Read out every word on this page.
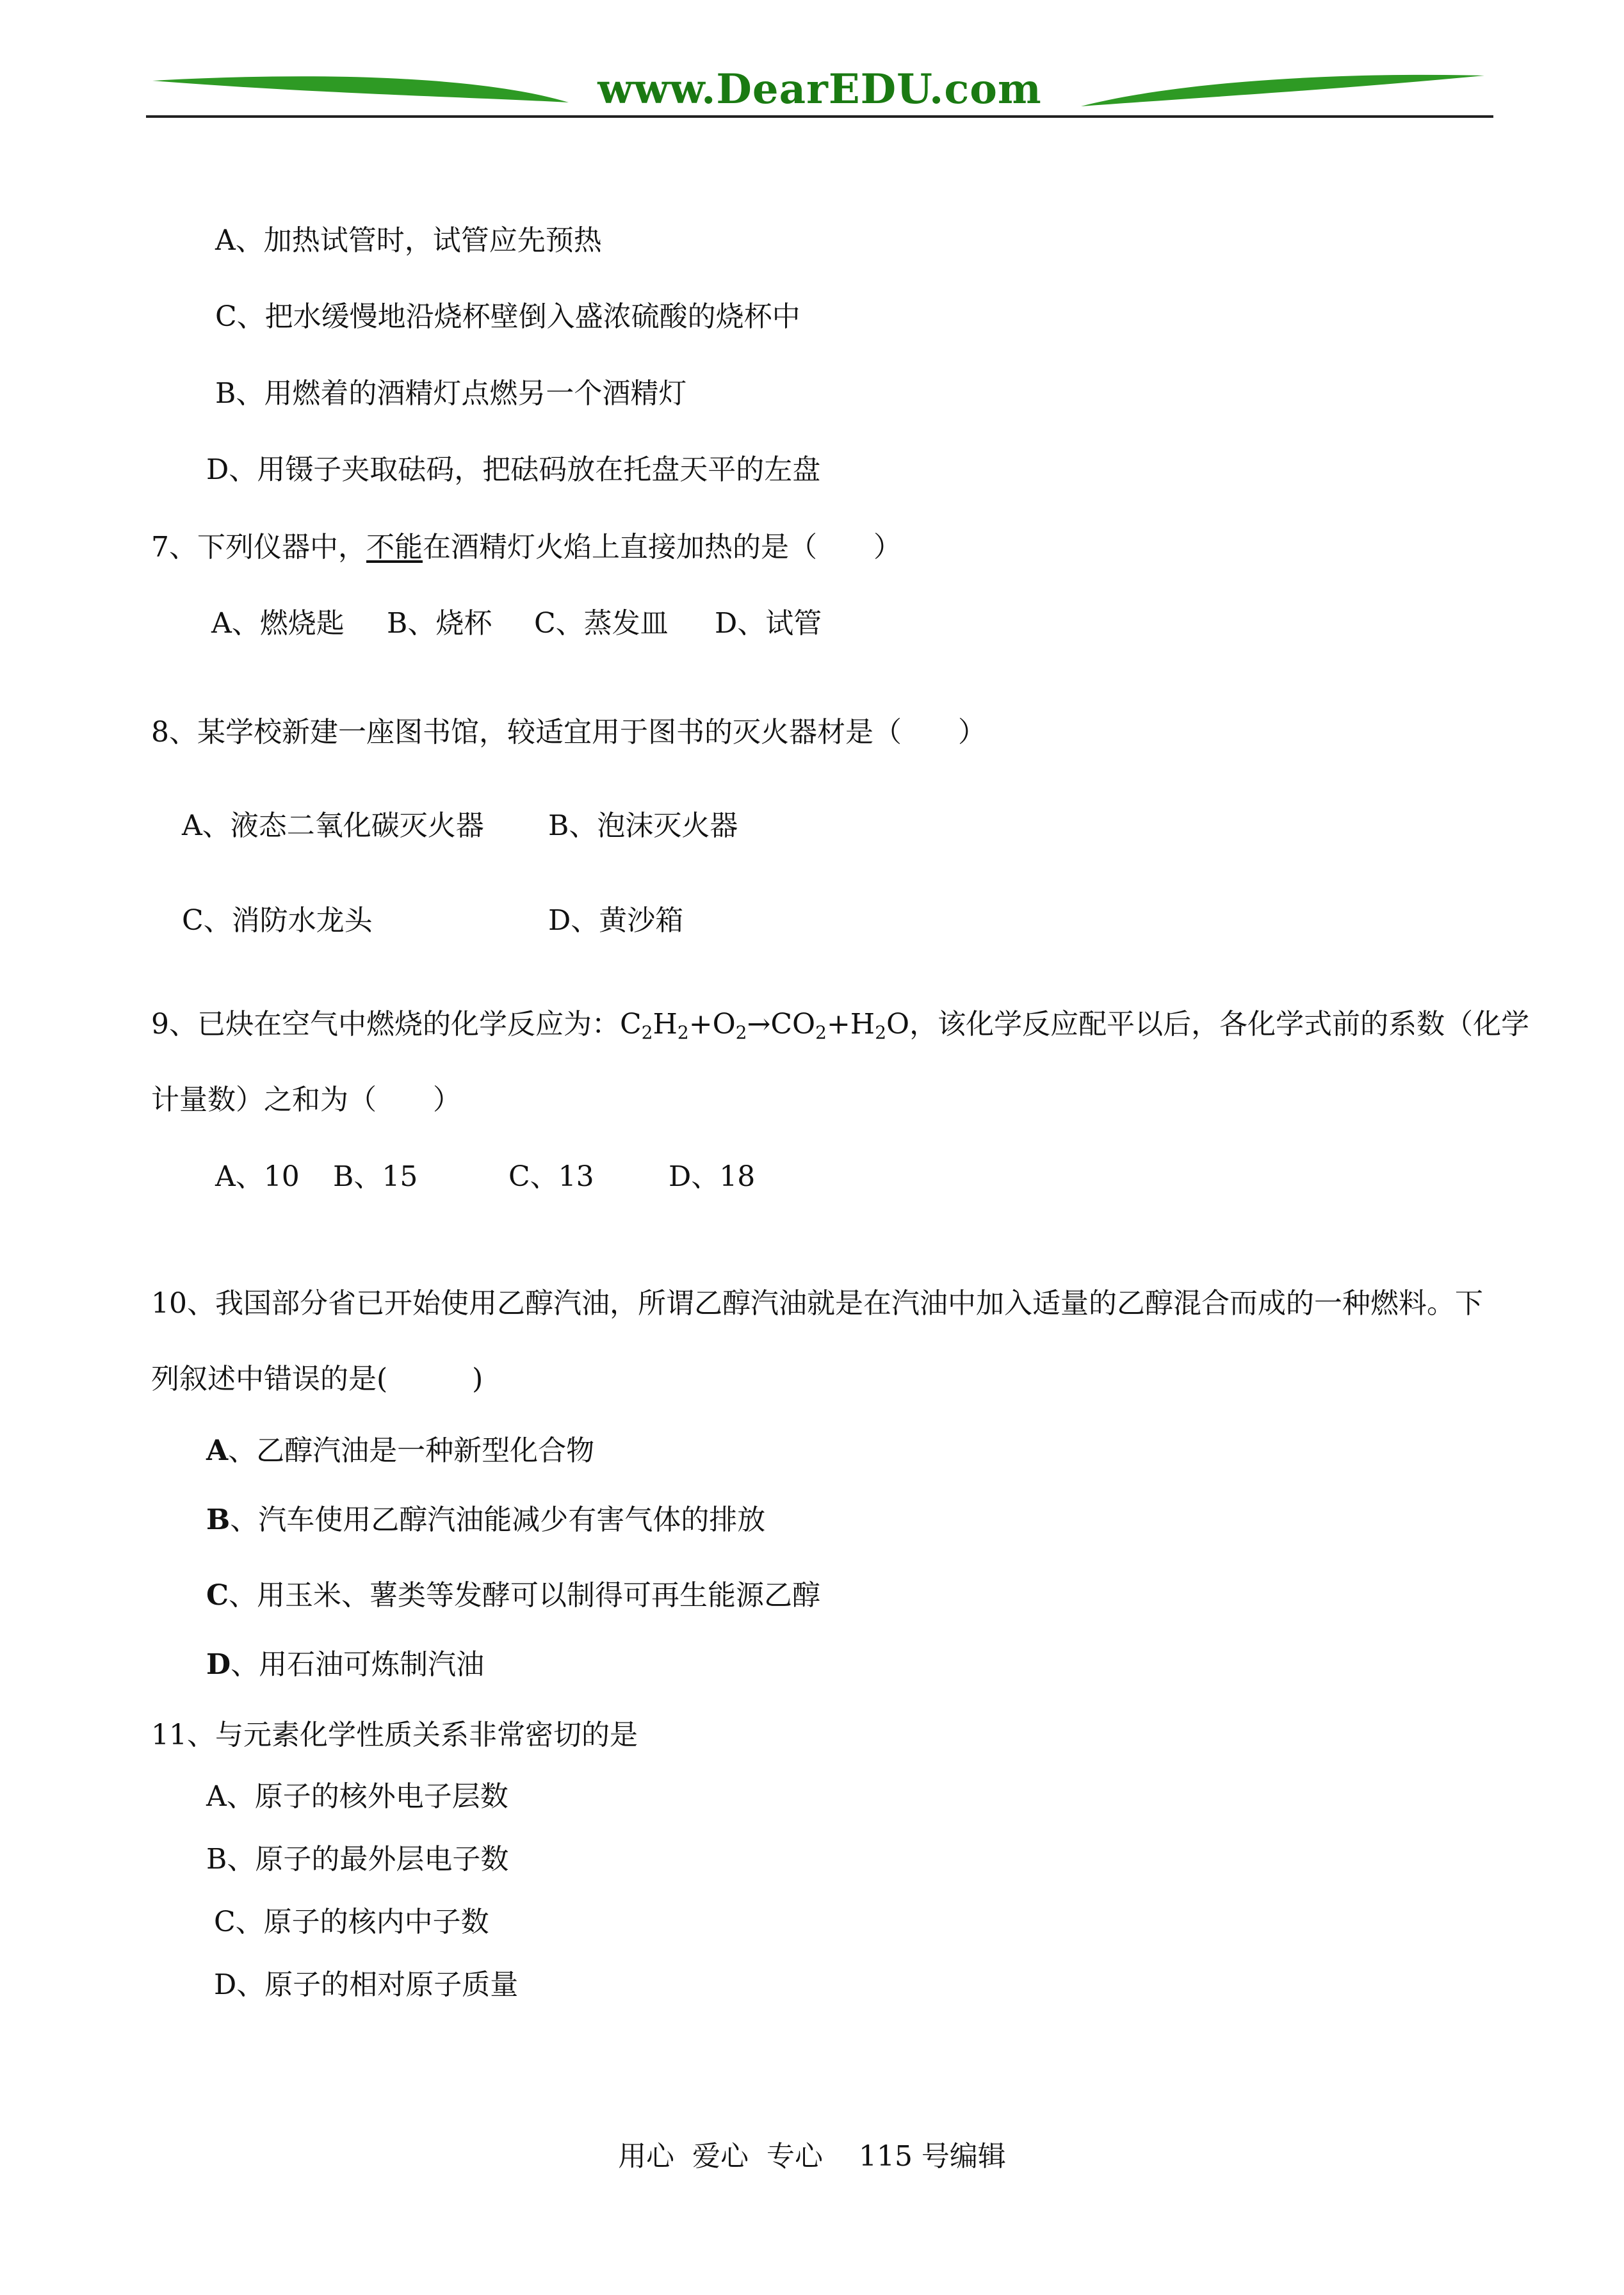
www.DearEDU.com
A、加热试管时，试管应先预热
C、把水缓慢地沿烧杯壁倒入盛浓硫酸的烧杯中
B、用燃着的酒精灯点燃另一个酒精灯
D、用镊子夹取砝码，把砝码放在托盘天平的左盘
7、下列仪器中，不能在酒精灯火焰上直接加热的是（　　）
A、燃烧匙 B、烧杯 C、蒸发皿 D、试管
8、某学校新建一座图书馆，较适宜用于图书的灭火器材是（　　）
A、液态二氧化碳灭火器 B、泡沫灭火器
C、消防水龙头	D、黄沙箱
9、已炔在空气中燃烧的化学反应为：$C_2H_2+O_2\to CO_2+H_2O$，该化学反应配平以后，各化学式前的系数（化学
计量数）之和为（　　）
A、10 B、15	C、13	D、18
10、我国部分省已开始使用乙醇汽油，所谓乙醇汽油就是在汽油中加入适量的乙醇混合而成的一种燃料。下
列叙述中错误的是(　　　)
A、乙醇汽油是一种新型化合物
B、汽车使用乙醇汽油能减少有害气体的排放
C、用玉米、薯类等发酵可以制得可再生能源乙醇
D、用石油可炼制汽油
11、与元素化学性质关系非常密切的是
A、原子的核外电子层数
B、原子的最外层电子数
C、原子的核内中子数
D、原子的相对原子质量
用心  爱心  专心    115 号编辑
